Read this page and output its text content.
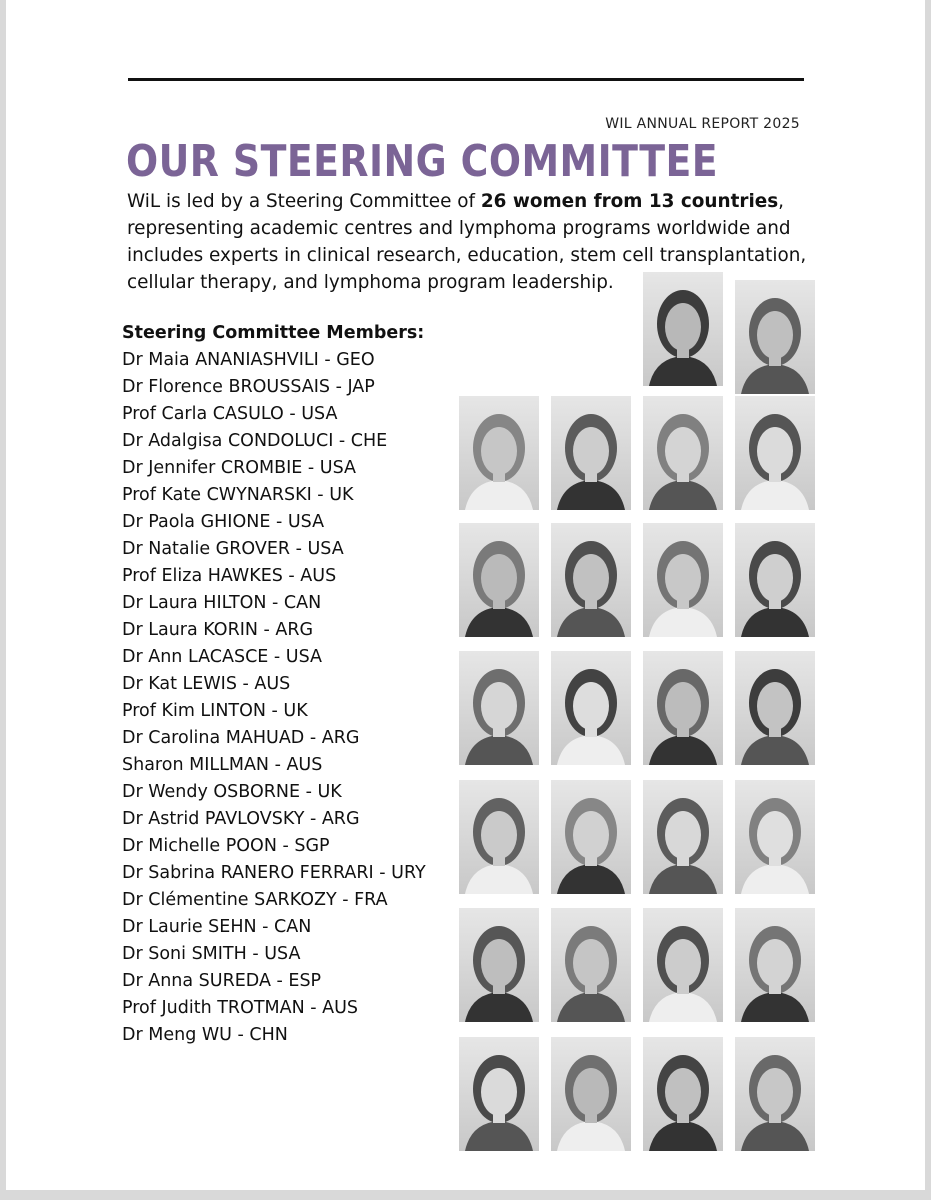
WIL ANNUAL REPORT 2025
OUR STEERING COMMITTEE

WiL is led by a Steering Committee of 26 women from 13 countries, representing academic centres and lymphoma programs worldwide and includes experts in clinical research, education, stem cell transplantation, cellular therapy, and lymphoma program leadership.

Steering Committee Members:
Dr Maia ANANIASHVILI - GEO
Dr Florence BROUSSAIS - JAP
Prof Carla CASULO - USA
Dr Adalgisa CONDOLUCI - CHE
Dr Jennifer CROMBIE - USA
Prof Kate CWYNARSKI - UK
Dr Paola GHIONE - USA
Dr Natalie GROVER - USA
Prof Eliza HAWKES - AUS
Dr Laura HILTON - CAN
Dr Laura KORIN - ARG
Dr Ann LACASCE - USA
Dr Kat LEWIS - AUS
Prof Kim LINTON - UK
Dr Carolina MAHUAD - ARG
Sharon MILLMAN - AUS
Dr Wendy OSBORNE - UK
Dr Astrid PAVLOVSKY - ARG
Dr Michelle POON - SGP
Dr Sabrina RANERO FERRARI - URY
Dr Clémentine SARKOZY - FRA
Dr Laurie SEHN - CAN
Dr Soni SMITH - USA
Dr Anna SUREDA - ESP
Prof Judith TROTMAN - AUS
Dr Meng WU - CHN
